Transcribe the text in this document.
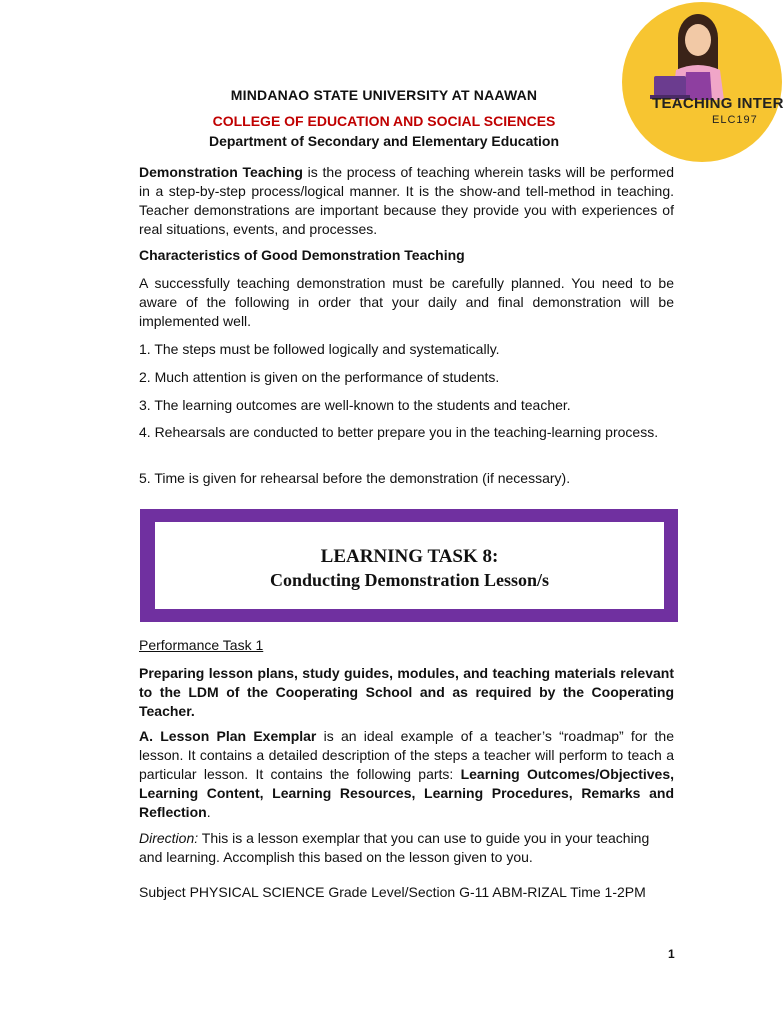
TEACHING INTER
ELC197
MINDANAO STATE UNIVERSITY AT NAAWAN
COLLEGE OF EDUCATION AND SOCIAL SCIENCES
Department of Secondary and Elementary Education
Demonstration Teaching is the process of teaching wherein tasks will be performed in a step-by-step process/logical manner. It is the show-and tell-method in teaching. Teacher demonstrations are important because they provide you with experiences of real situations, events, and processes.
Characteristics of Good Demonstration Teaching
A successfully teaching demonstration must be carefully planned. You need to be aware of the following in order that your daily and final demonstration will be implemented well.
1. The steps must be followed logically and systematically.
2. Much attention is given on the performance of students.
3. The learning outcomes are well-known to the students and teacher.
4. Rehearsals are conducted to better prepare you in the teaching-learning process.
5. Time is given for rehearsal before the demonstration (if necessary).
LEARNING TASK 8:
Conducting Demonstration Lesson/s
Performance Task 1
Preparing lesson plans, study guides, modules, and teaching materials relevant to the LDM of the Cooperating School and as required by the Cooperating Teacher.
A. Lesson Plan Exemplar is an ideal example of a teacher’s “roadmap” for the lesson. It contains a detailed description of the steps a teacher will perform to teach a particular lesson. It contains the following parts: Learning Outcomes/Objectives, Learning Content, Learning Resources, Learning Procedures, Remarks and Reflection.
Direction: This is a lesson exemplar that you can use to guide you in your teaching and learning. Accomplish this based on the lesson given to you.
Subject PHYSICAL SCIENCE Grade Level/Section G-11 ABM-RIZAL Time 1-2PM
1
